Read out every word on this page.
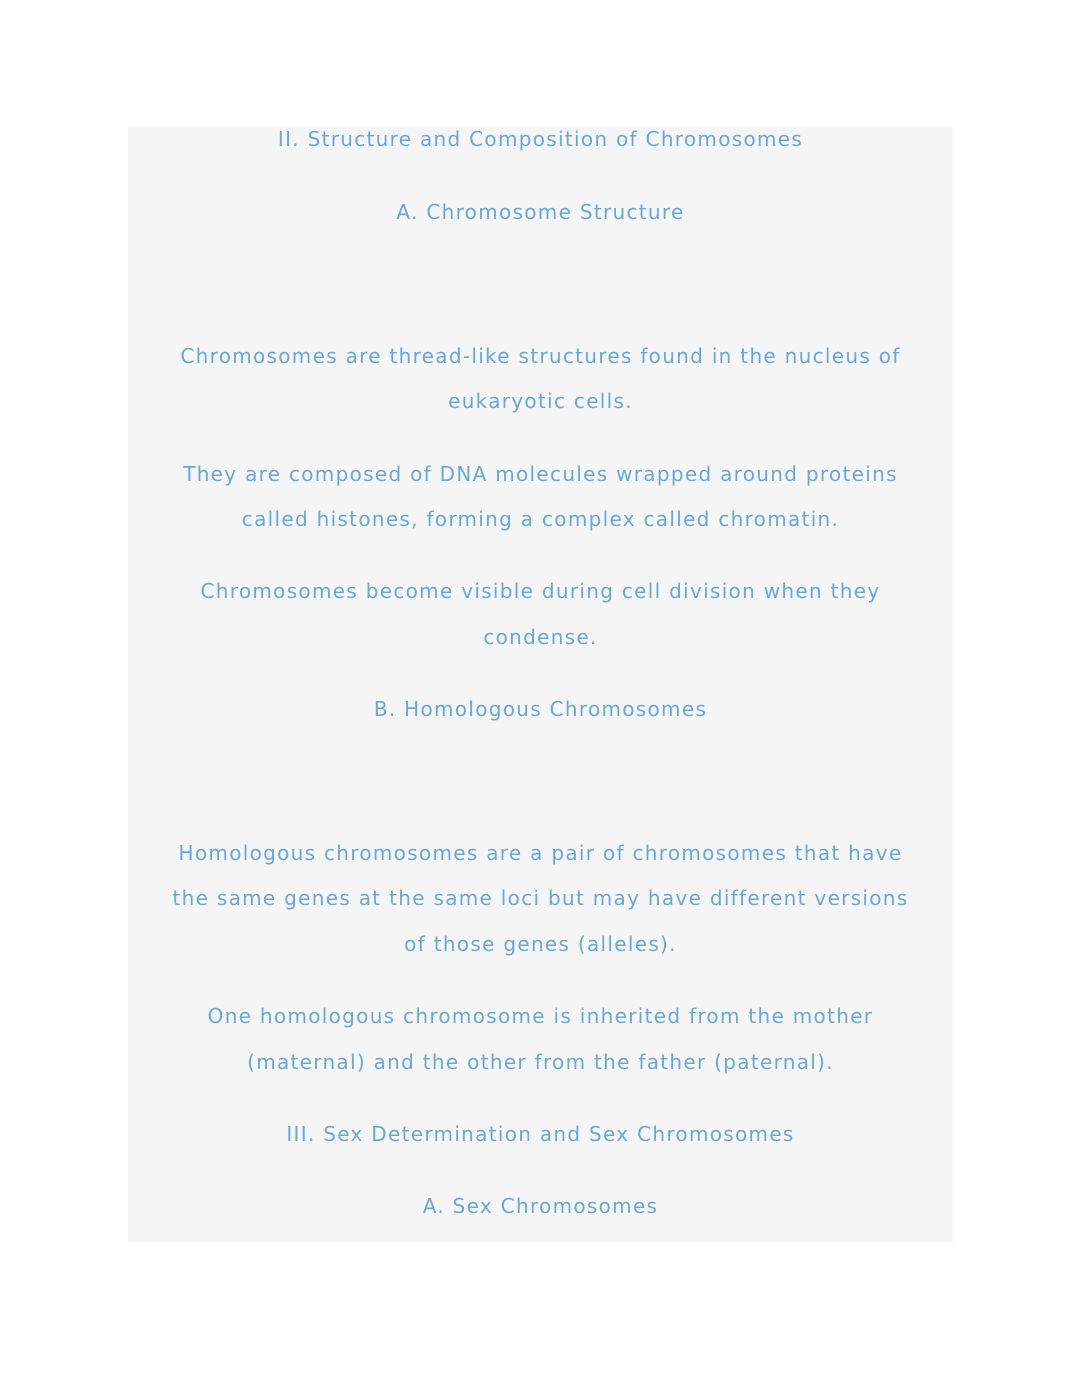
II. Structure and Composition of Chromosomes
A. Chromosome Structure
Chromosomes are thread-like structures found in the nucleus of
eukaryotic cells.
They are composed of DNA molecules wrapped around proteins
called histones, forming a complex called chromatin.
Chromosomes become visible during cell division when they
condense.
B. Homologous Chromosomes
Homologous chromosomes are a pair of chromosomes that have
the same genes at the same loci but may have different versions
of those genes (alleles).
One homologous chromosome is inherited from the mother
(maternal) and the other from the father (paternal).
III. Sex Determination and Sex Chromosomes
A. Sex Chromosomes
